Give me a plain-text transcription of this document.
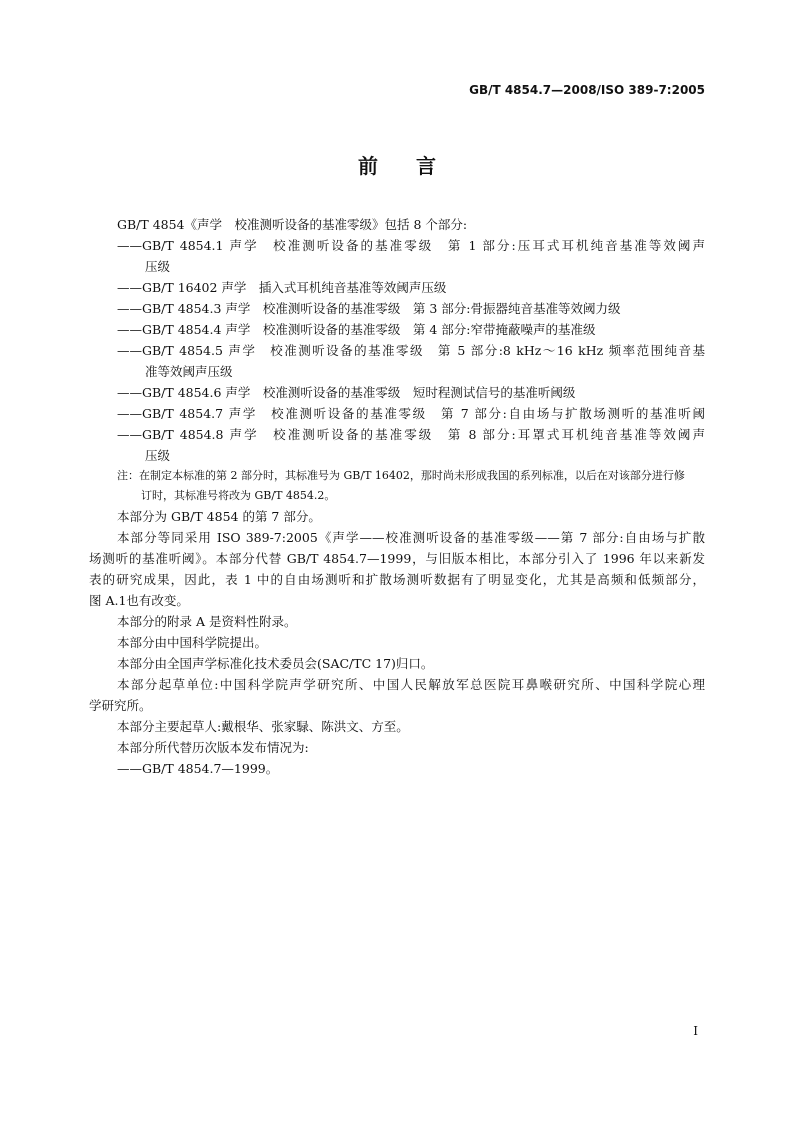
GB/T 4854.7—2008/ISO 389-7:2005
前言
GB/T 4854《声学　校准测听设备的基准零级》包括 8 个部分:
——GB/T 4854.1 声学　校准测听设备的基准零级　第 1 部分:压耳式耳机纯音基准等效阈声
压级
——GB/T 16402 声学　插入式耳机纯音基准等效阈声压级
——GB/T 4854.3 声学　校准测听设备的基准零级　第 3 部分:骨振器纯音基准等效阈力级
——GB/T 4854.4 声学　校准测听设备的基准零级　第 4 部分:窄带掩蔽噪声的基准级
——GB/T 4854.5 声学　校准测听设备的基准零级　第 5 部分:8 kHz～16 kHz 频率范围纯音基
准等效阈声压级
——GB/T 4854.6 声学　校准测听设备的基准零级　短时程测试信号的基准听阈级
——GB/T 4854.7 声学　校准测听设备的基准零级　第 7 部分:自由场与扩散场测听的基准听阈
——GB/T 4854.8 声学　校准测听设备的基准零级　第 8 部分:耳罩式耳机纯音基准等效阈声
压级
注：在制定本标准的第 2 部分时，其标准号为 GB/T 16402，那时尚未形成我国的系列标准，以后在对该部分进行修
订时，其标准号将改为 GB/T 4854.2。
本部分为 GB/T 4854 的第 7 部分。
本部分等同采用 ISO 389-7:2005《声学——校准测听设备的基准零级——第 7 部分:自由场与扩散
场测听的基准听阈》。本部分代替 GB/T 4854.7—1999，与旧版本相比，本部分引入了 1996 年以来新发
表的研究成果，因此，表 1 中的自由场测听和扩散场测听数据有了明显变化，尤其是高频和低频部分，
图 A.1也有改变。
本部分的附录 A 是资料性附录。
本部分由中国科学院提出。
本部分由全国声学标准化技术委员会(SAC/TC 17)归口。
本部分起草单位:中国科学院声学研究所、中国人民解放军总医院耳鼻喉研究所、中国科学院心理
学研究所。
本部分主要起草人:戴根华、张家騄、陈洪文、方至。
本部分所代替历次版本发布情况为:
——GB/T 4854.7—1999。
I
